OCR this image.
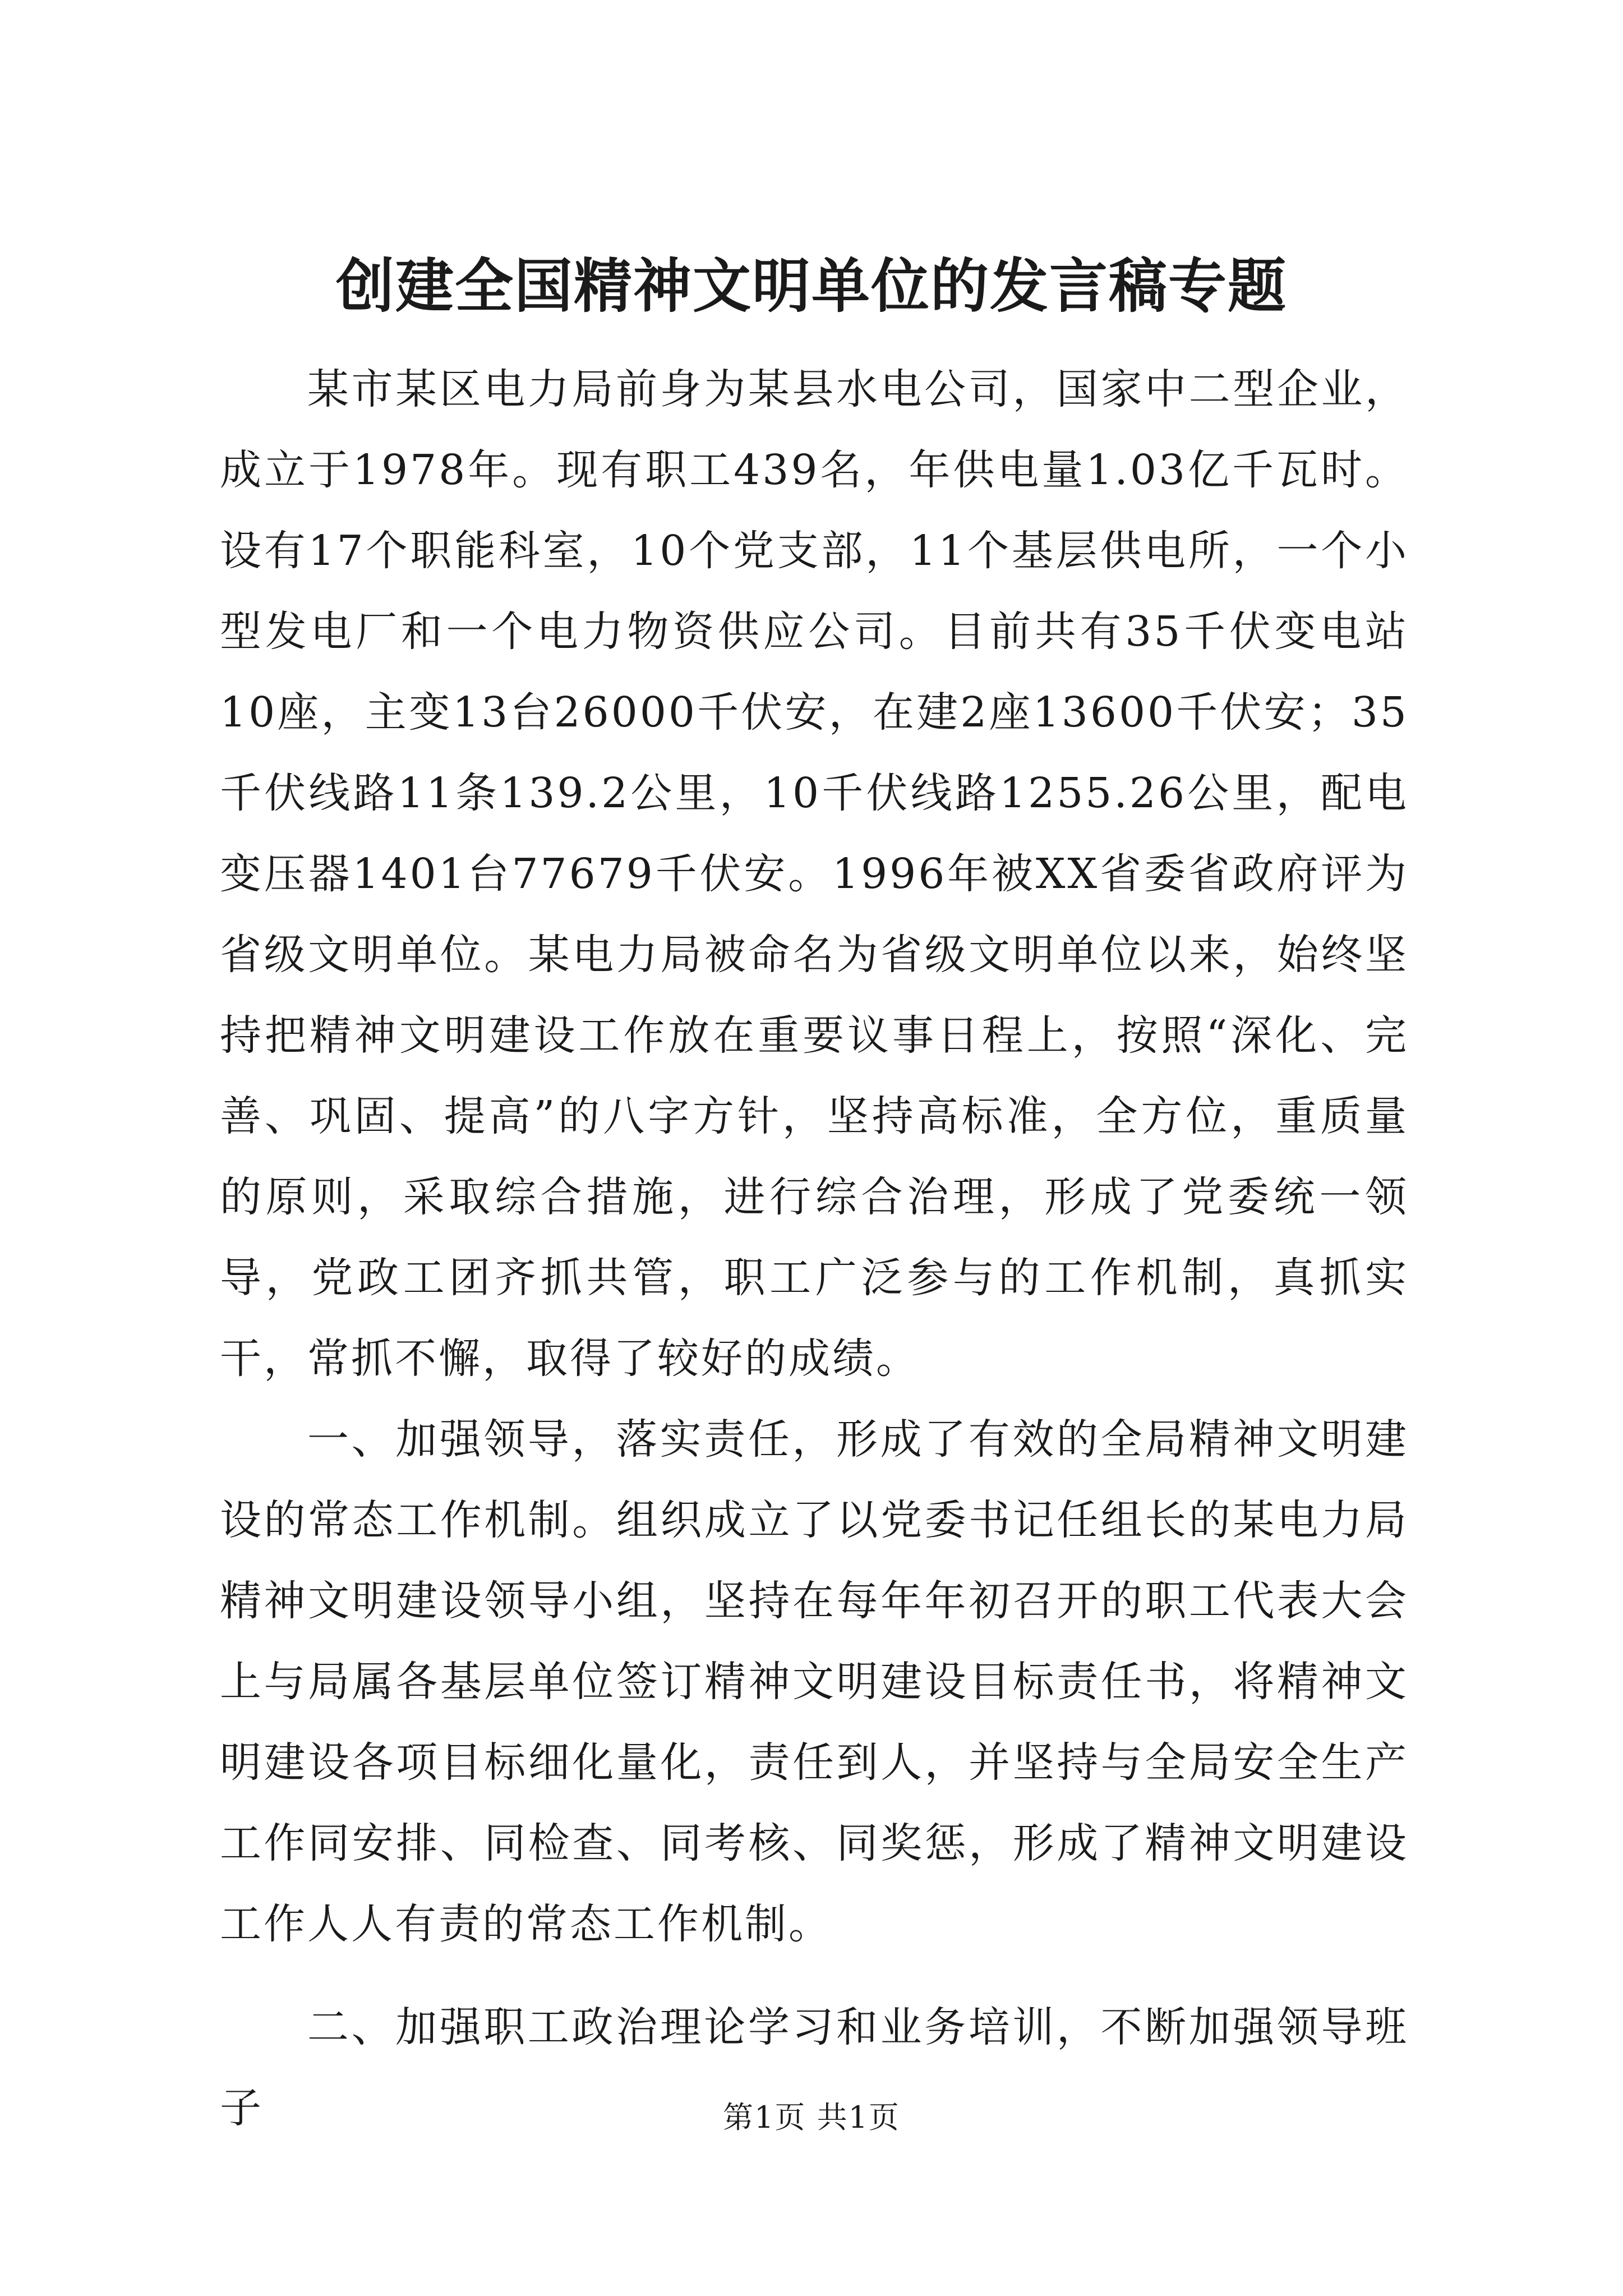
创建全国精神文明单位的发言稿专题

某市某区电力局前身为某县水电公司，国家中二型企业，成立于1978年。现有职工439名，年供电量1.03亿千瓦时。设有17个职能科室，10个党支部，11个基层供电所，一个小型发电厂和一个电力物资供应公司。目前共有35千伏变电站10座，主变13台26000千伏安，在建2座13600千伏安；35千伏线路11条139.2公里，10千伏线路1255.26公里，配电变压器1401台77679千伏安。1996年被XX省委省政府评为省级文明单位。某电力局被命名为省级文明单位以来，始终坚持把精神文明建设工作放在重要议事日程上，按照“深化、完善、巩固、提高”的八字方针，坚持高标准，全方位，重质量的原则，采取综合措施，进行综合治理，形成了党委统一领导，党政工团齐抓共管，职工广泛参与的工作机制，真抓实干，常抓不懈，取得了较好的成绩。

一、加强领导，落实责任，形成了有效的全局精神文明建设的常态工作机制。组织成立了以党委书记任组长的某电力局精神文明建设领导小组，坚持在每年年初召开的职工代表大会上与局属各基层单位签订精神文明建设目标责任书，将精神文明建设各项目标细化量化，责任到人，并坚持与全局安全生产工作同安排、同检查、同考核、同奖惩，形成了精神文明建设工作人人有责的常态工作机制。

二、加强职工政治理论学习和业务培训，不断加强领导班子	第1页 共1页
